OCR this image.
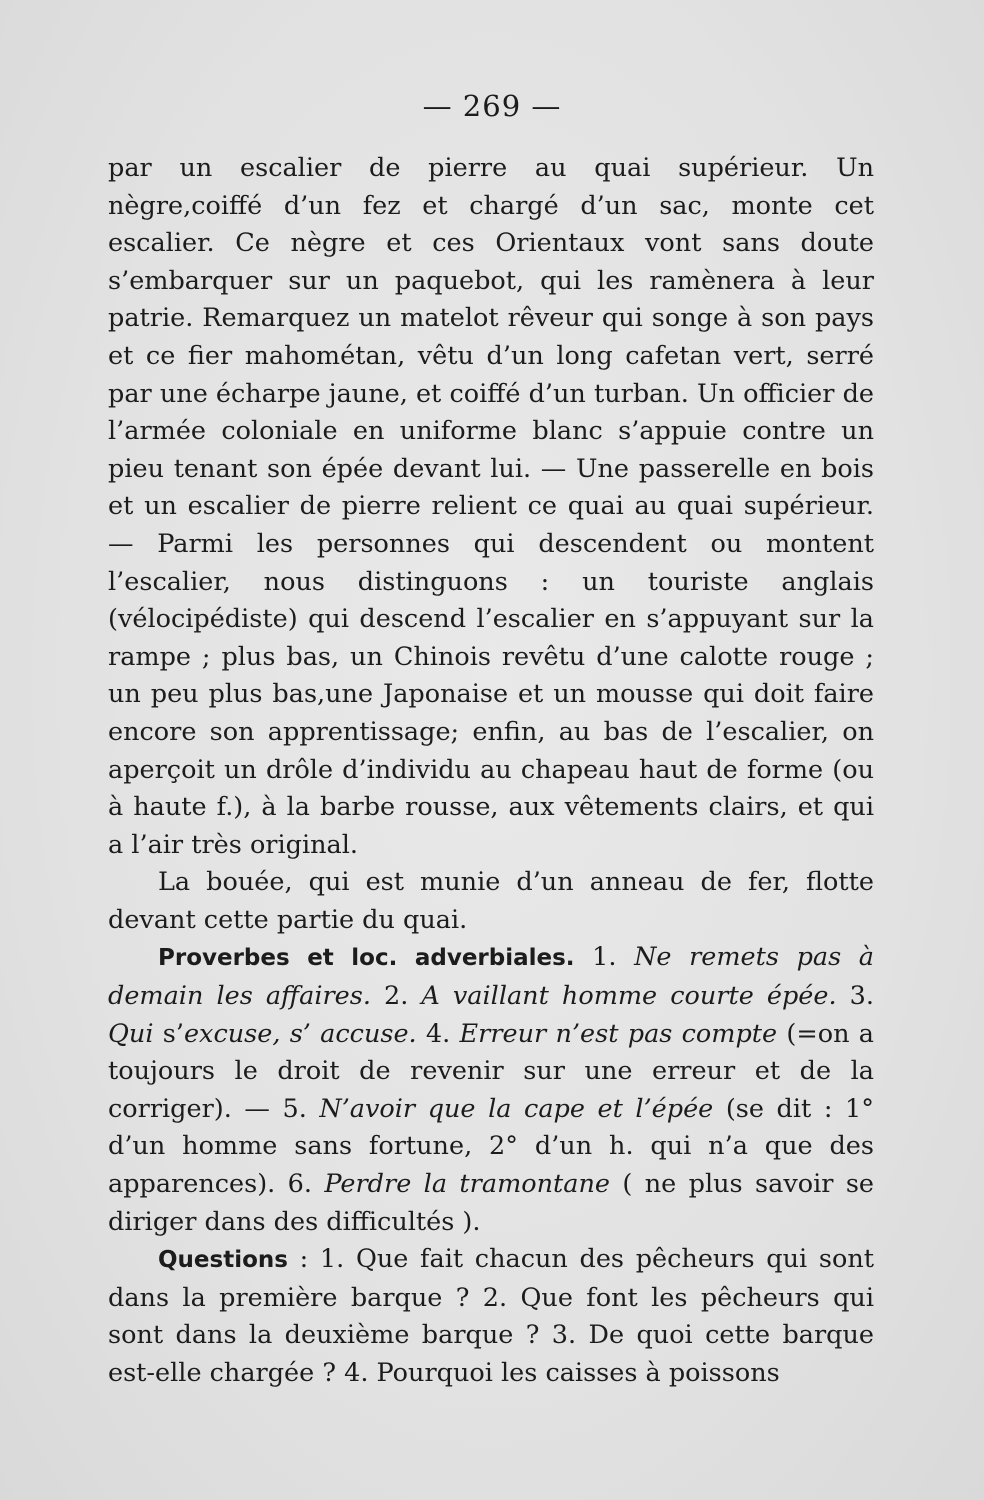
— 269 —

par un escalier de pierre au quai supérieur. Un nègre,coiffé d’un fez et chargé d’un sac, monte cet escalier. Ce nègre et ces Orientaux vont sans doute s’embarquer sur un paquebot, qui les ramènera à leur patrie. Remarquez un matelot rêveur qui songe à son pays et ce fier mahométan, vêtu d’un long cafetan vert, serré par une écharpe jaune, et coiffé d’un turban. Un officier de l’armée coloniale en uniforme blanc s’appuie contre un pieu tenant son épée devant lui. — Une passerelle en bois et un escalier de pierre relient ce quai au quai supérieur. — Parmi les personnes qui descendent ou montent l’escalier, nous distinguons : un touriste anglais (vélocipédiste) qui descend l’escalier en s’appuyant sur la rampe ; plus bas, un Chinois revêtu d’une calotte rouge ; un peu plus bas,une Japonaise et un mousse qui doit faire encore son apprentissage; enfin, au bas de l’escalier, on aperçoit un drôle d’individu au chapeau haut de forme (ou à haute f.), à la barbe rousse, aux vêtements clairs, et qui a l’air très original.

La bouée, qui est munie d’un anneau de fer, flotte devant cette partie du quai.

Proverbes et loc. adverbiales. 1. Ne remets pas à demain les affaires. 2. A vaillant homme courte épée. 3. Qui s’excuse, s’ accuse. 4. Erreur n’est pas compte (=on a toujours le droit de revenir sur une erreur et de la corriger). — 5. N’avoir que la cape et l’épée (se dit : 1° d’un homme sans fortune, 2° d’un h. qui n’a que des apparences). 6. Perdre la tramontane ( ne plus savoir se diriger dans des difficultés ).

Questions : 1. Que fait chacun des pêcheurs qui sont dans la première barque ? 2. Que font les pêcheurs qui sont dans la deuxième barque ? 3. De quoi cette barque est-elle chargée ? 4. Pourquoi les caisses à poissons
